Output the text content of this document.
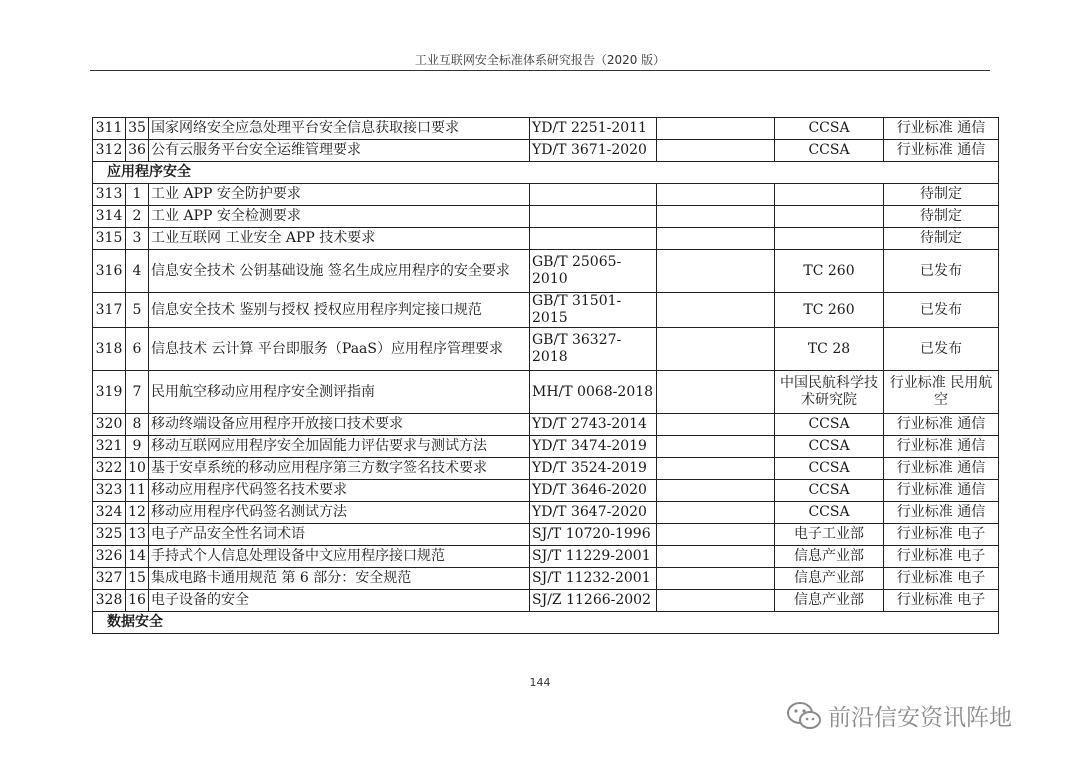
工业互联网安全标准体系研究报告（2020 版）
311	35	国家网络安全应急处理平台安全信息获取接口要求	YD/T 2251-2011		CCSA	行业标准 通信
312	36	公有云服务平台安全运维管理要求	YD/T 3671-2020		CCSA	行业标准 通信
应用程序安全						
313	1	工业 APP 安全防护要求				待制定
314	2	工业 APP 安全检测要求				待制定
315	3	工业互联网 工业安全 APP 技术要求				待制定
316	4	信息安全技术 公钥基础设施 签名生成应用程序的安全要求	GB/T 25065-2010		TC 260	已发布
317	5	信息安全技术 鉴别与授权 授权应用程序判定接口规范	GB/T 31501-2015		TC 260	已发布
318	6	信息技术 云计算 平台即服务（PaaS）应用程序管理要求	GB/T 36327-2018		TC 28	已发布
319	7	民用航空移动应用程序安全测评指南	MH/T 0068-2018		中国民航科学技术研究院	行业标准 民用航空
320	8	移动终端设备应用程序开放接口技术要求	YD/T 2743-2014		CCSA	行业标准 通信
321	9	移动互联网应用程序安全加固能力评估要求与测试方法	YD/T 3474-2019		CCSA	行业标准 通信
322	10	基于安卓系统的移动应用程序第三方数字签名技术要求	YD/T 3524-2019		CCSA	行业标准 通信
323	11	移动应用程序代码签名技术要求	YD/T 3646-2020		CCSA	行业标准 通信
324	12	移动应用程序代码签名测试方法	YD/T 3647-2020		CCSA	行业标准 通信
325	13	电子产品安全性名词术语	SJ/T 10720-1996		电子工业部	行业标准 电子
326	14	手持式个人信息处理设备中文应用程序接口规范	SJ/T 11229-2001		信息产业部	行业标准 电子
327	15	集成电路卡通用规范 第 6 部分：安全规范	SJ/T 11232-2001		信息产业部	行业标准 电子
328	16	电子设备的安全	SJ/Z 11266-2002		信息产业部	行业标准 电子
数据安全						
144
前沿信安资讯阵地
